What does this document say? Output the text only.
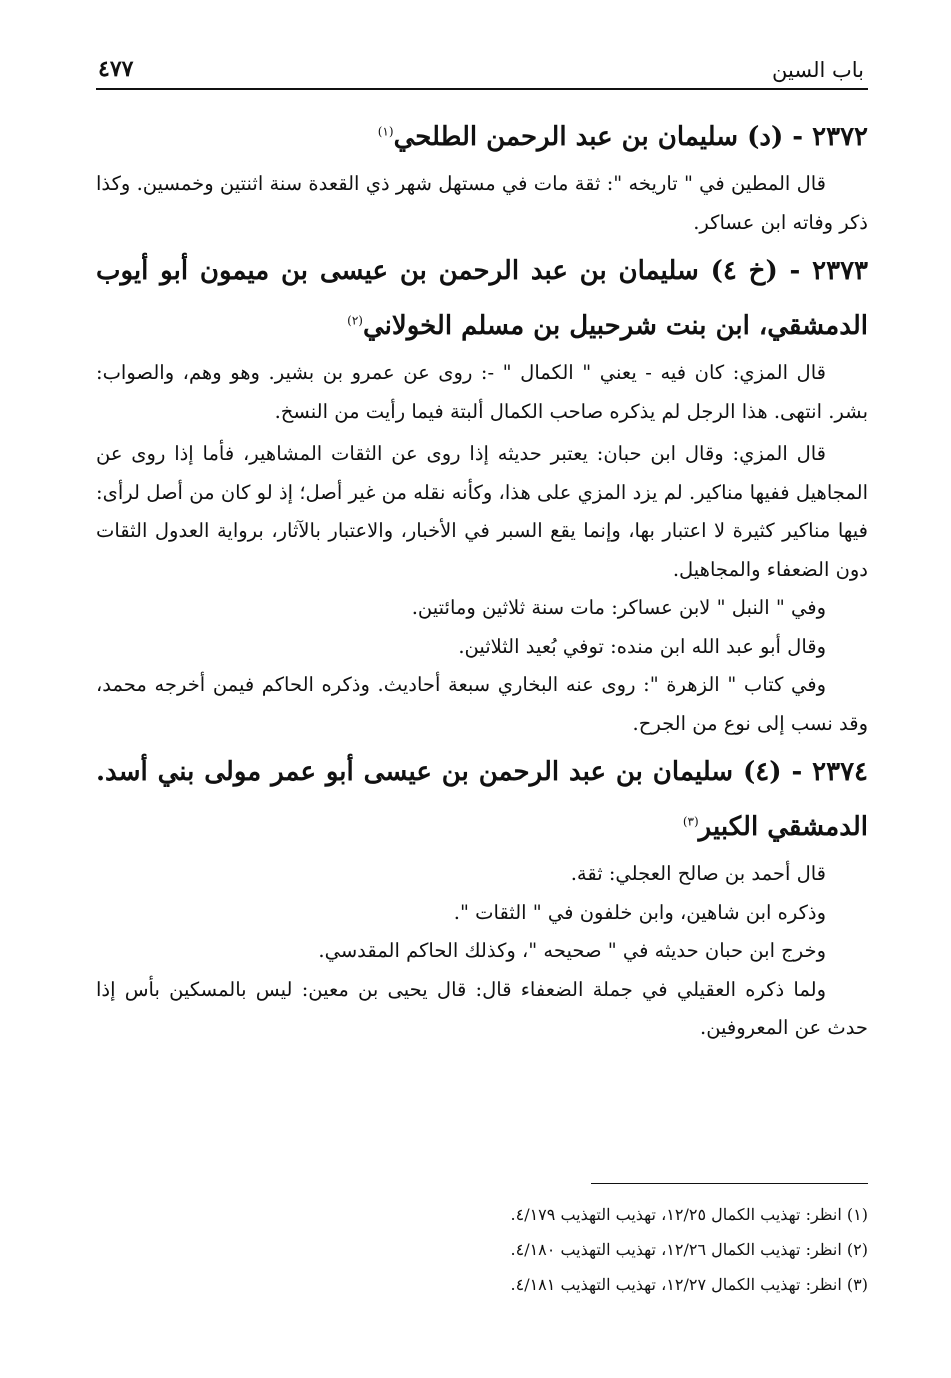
باب السين
٤٧٧
٢٣٧٢ - (د) سليمان بن عبد الرحمن الطلحي$^{(١)}$

قال المطين في " تاريخه ": ثقة مات في مستهل شهر ذي القعدة سنة اثنتين وخمسين. وكذا ذكر وفاته ابن عساكر.

٢٣٧٣ - (خ ٤) سليمان بن عبد الرحمن بن عيسى بن ميمون أبو أيوب
الدمشقي، ابن بنت شرحبيل بن مسلم الخولاني$^{(٢)}$

قال المزي: كان فيه - يعني " الكمال " -: روى عن عمرو بن بشير. وهو وهم، والصواب: بشر. انتهى. هذا الرجل لم يذكره صاحب الكمال ألبتة فيما رأيت من النسخ.

قال المزي: وقال ابن حبان: يعتبر حديثه إذا روى عن الثقات المشاهير، فأما إذا روى عن المجاهيل ففيها مناكير. لم يزد المزي على هذا، وكأنه نقله من غير أصل؛ إذ لو كان من أصل لرأى: فيها مناكير كثيرة لا اعتبار بها، وإنما يقع السبر في الأخبار، والاعتبار بالآثار، برواية العدول الثقات دون الضعفاء والمجاهيل.

وفي " النبل " لابن عساكر: مات سنة ثلاثين ومائتين.

وقال أبو عبد الله ابن منده: توفي بُعيد الثلاثين.

وفي كتاب " الزهرة ": روى عنه البخاري سبعة أحاديث. وذكره الحاكم فيمن أخرجه محمد، وقد نسب إلى نوع من الجرح.

٢٣٧٤ - (٤) سليمان بن عبد الرحمن بن عيسى أبو عمر مولى بني أسد.
الدمشقي الكبير$^{(٣)}$

قال أحمد بن صالح العجلي: ثقة.

وذكره ابن شاهين، وابن خلفون في " الثقات ".

وخرج ابن حبان حديثه في " صحيحه "، وكذلك الحاكم المقدسي.

ولما ذكره العقيلي في جملة الضعفاء قال: قال يحيى بن معين: ليس بالمسكين بأس إذا حدث عن المعروفين.

(١) انظر: تهذيب الكمال ١٢/٢٥، تهذيب التهذيب ٤/١٧٩.

(٢) انظر: تهذيب الكمال ١٢/٢٦، تهذيب التهذيب ٤/١٨٠.

(٣) انظر: تهذيب الكمال ١٢/٢٧، تهذيب التهذيب ٤/١٨١.
